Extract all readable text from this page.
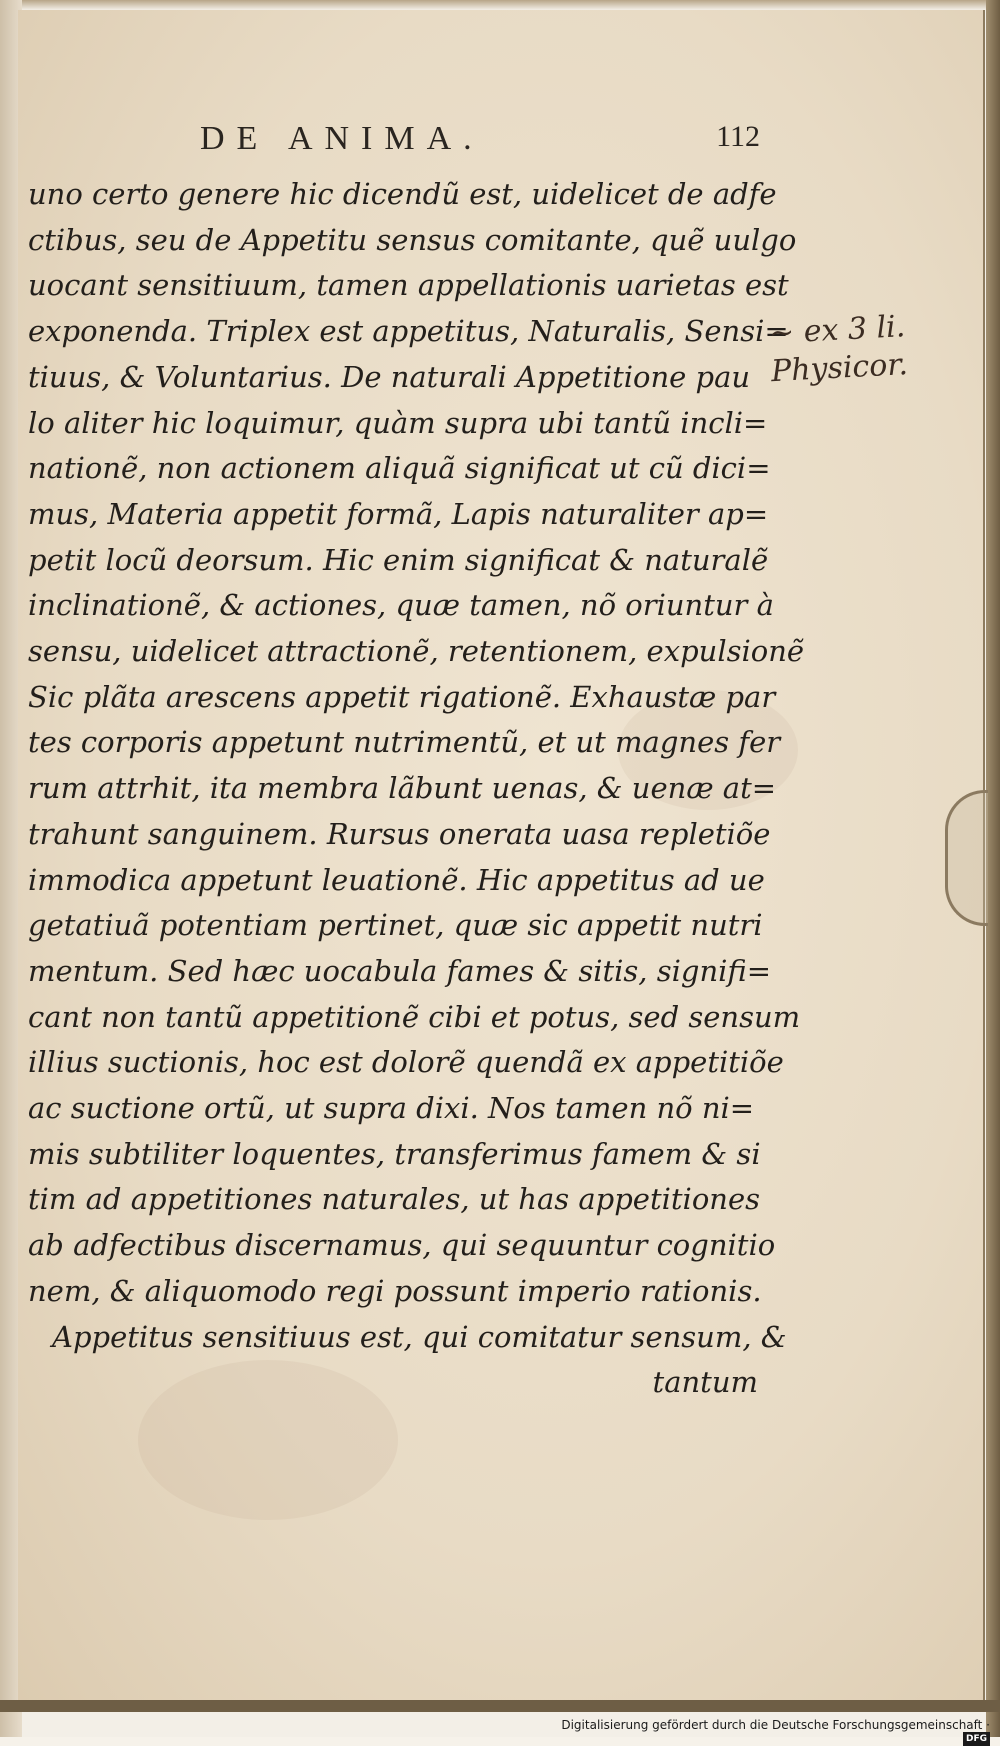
DE ANIMA.	112
uno certo genere hic dicendũ est, uidelicet de adfe
ctibus, seu de Appetitu sensus comitante, quẽ uulgo
uocant sensitiuum, tamen appellationis uarietas est
exponenda. Triplex est appetitus, Naturalis, Sensi=
tiuus, & Voluntarius. De naturali Appetitione pau
lo aliter hic loquimur, quàm supra ubi tantũ incli=
nationẽ, non actionem aliquã significat ut cũ dici=
mus, Materia appetit formã, Lapis naturaliter ap=
petit locũ deorsum. Hic enim significat & naturalẽ
inclinationẽ, & actiones, quæ tamen, nõ oriuntur à
sensu, uidelicet attractionẽ, retentionem, expulsionẽ
Sic plãta arescens appetit rigationẽ. Exhaustæ par
tes corporis appetunt nutrimentũ, et ut magnes fer
rum attrhit, ita membra lãbunt uenas, & uenæ at=
trahunt sanguinem. Rursus onerata uasa repletiõe
immodica appetunt leuationẽ. Hic appetitus ad ue
getatiuã potentiam pertinet, quæ sic appetit nutri
mentum. Sed hæc uocabula fames & sitis, signifi=
cant non tantũ appetitionẽ cibi et potus, sed sensum
illius suctionis, hoc est dolorẽ quendã ex appetitiõe
ac suctione ortũ, ut supra dixi. Nos tamen nõ ni=
mis subtiliter loquentes, transferimus famem & si
tim ad appetitiones naturales, ut has appetitiones
ab adfectibus discernamus, qui sequuntur cognitio
nem, & aliquomodo regi possunt imperio rationis.
Appetitus sensitiuus est, qui comitatur sensum, &
tantum
~ ex 3 li.
Physicor.
Digitalisierung gefördert durch die Deutsche Forschungsgemeinschaft · DFG
